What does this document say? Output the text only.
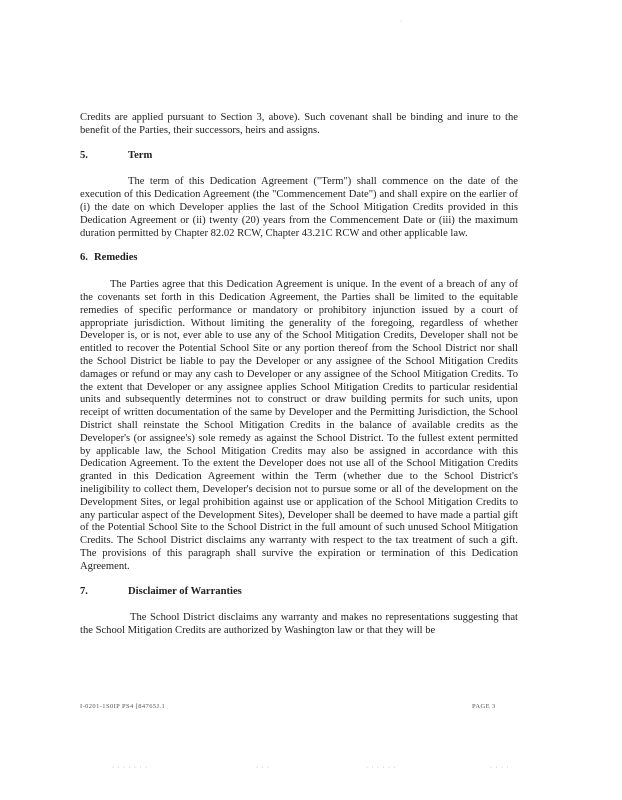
·

Credits are applied pursuant to Section 3, above). Such covenant shall be binding and inure to the benefit of the Parties, their successors, heirs and assigns.

5.	Term

The term of this Dedication Agreement ("Term") shall commence on the date of the execution of this Dedication Agreement (the "Commencement Date") and shall expire on the earlier of (i) the date on which Developer applies the last of the School Mitigation Credits provided in this Dedication Agreement or (ii) twenty (20) years from the Commencement Date or (iii) the maximum duration permitted by Chapter 82.02 RCW, Chapter 43.21C RCW and other applicable law.

6. Remedies

The Parties agree that this Dedication Agreement is unique. In the event of a breach of any of the covenants set forth in this Dedication Agreement, the Parties shall be limited to the equitable remedies of specific performance or mandatory or prohibitory injunction issued by a court of appropriate jurisdiction. Without limiting the generality of the foregoing, regardless of whether Developer is, or is not, ever able to use any of the School Mitigation Credits, Developer shall not be entitled to recover the Potential School Site or any portion thereof from the School District nor shall the School District be liable to pay the Developer or any assignee of the School Mitigation Credits damages or refund or may any cash to Developer or any assignee of the School Mitigation Credits. To the extent that Developer or any assignee applies School Mitigation Credits to particular residential units and subsequently determines not to construct or draw building permits for such units, upon receipt of written documentation of the same by Developer and the Permitting Jurisdiction, the School District shall reinstate the School Mitigation Credits in the balance of available credits as the Developer's (or assignee's) sole remedy as against the School District. To the fullest extent permitted by applicable law, the School Mitigation Credits may also be assigned in accordance with this Dedication Agreement. To the extent the Developer does not use all of the School Mitigation Credits granted in this Dedication Agreement within the Term (whether due to the School District's ineligibility to collect them, Developer's decision not to pursue some or all of the development on the Development Sites, or legal prohibition against use or application of the School Mitigation Credits to any particular aspect of the Development Sites), Developer shall be deemed to have made a partial gift of the Potential School Site to the School District in the full amount of such unused School Mitigation Credits. The School District disclaims any warranty with respect to the tax treatment of such a gift. The provisions of this paragraph shall survive the expiration or termination of this Dedication Agreement.

7.	Disclaimer of Warranties

The School District disclaims any warranty and makes no representations suggesting that the School Mitigation Credits are authorized by Washington law or that they will be

I-0201-1S0IP PS4 [84765J.1	PAGE 3
· · · · · · ·	· · ·	· · · · · ·	· · · ·
